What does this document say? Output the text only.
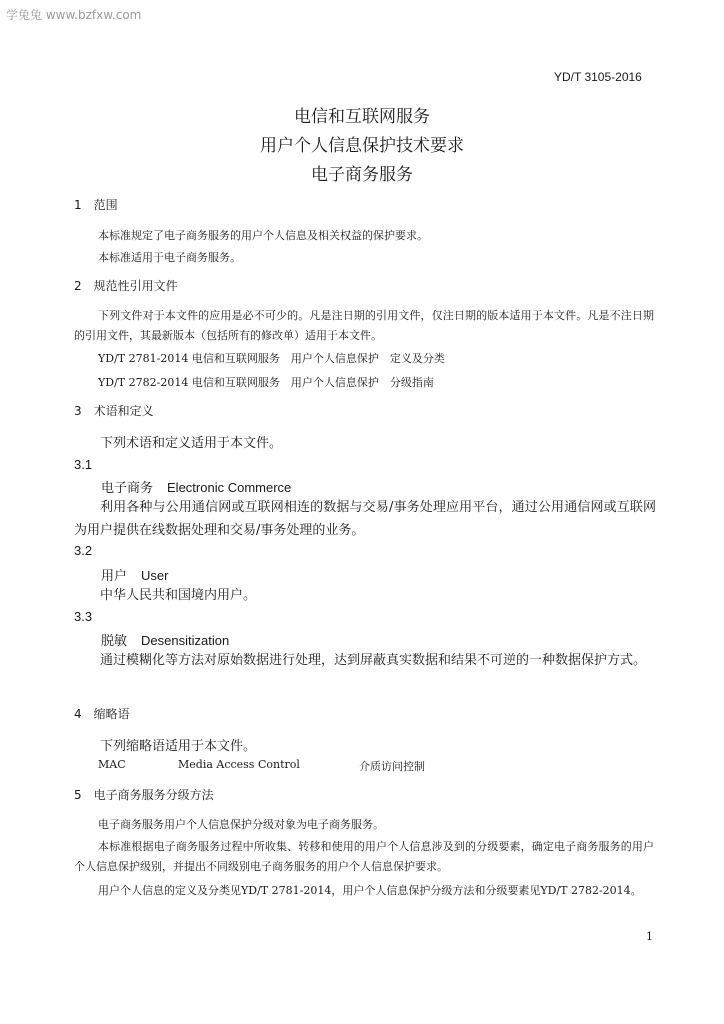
学兔兔 www.bzfxw.com
YD/T 3105-2016
电信和互联网服务
用户个人信息保护技术要求
电子商务服务
1　范围
本标准规定了电子商务服务的用户个人信息及相关权益的保护要求。
本标准适用于电子商务服务。
2　规范性引用文件
下列文件对于本文件的应用是必不可少的。凡是注日期的引用文件，仅注日期的版本适用于本文件。凡是不注日期的引用文件，其最新版本（包括所有的修改单）适用于本文件。
YD/T 2781-2014 电信和互联网服务　用户个人信息保护　定义及分类
YD/T 2782-2014 电信和互联网服务　用户个人信息保护　分级指南
3　术语和定义
下列术语和定义适用于本文件。
3.1
电子商务 Electronic Commerce
利用各种与公用通信网或互联网相连的数据与交易/事务处理应用平台，通过公用通信网或互联网为用户提供在线数据处理和交易/事务处理的业务。
3.2
用户 User
中华人民共和国境内用户。
3.3
脱敏 Desensitization
通过模糊化等方法对原始数据进行处理，达到屏蔽真实数据和结果不可逆的一种数据保护方式。
4　缩略语
下列缩略语适用于本文件。
MAC	Media Access Control	介质访问控制
5　电子商务服务分级方法
电子商务服务用户个人信息保护分级对象为电子商务服务。
本标准根据电子商务服务过程中所收集、转移和使用的用户个人信息涉及到的分级要素，确定电子商务服务的用户个人信息保护级别，并提出不同级别电子商务服务的用户个人信息保护要求。
用户个人信息的定义及分类见YD/T 2781-2014，用户个人信息保护分级方法和分级要素见YD/T 2782-2014。
1
